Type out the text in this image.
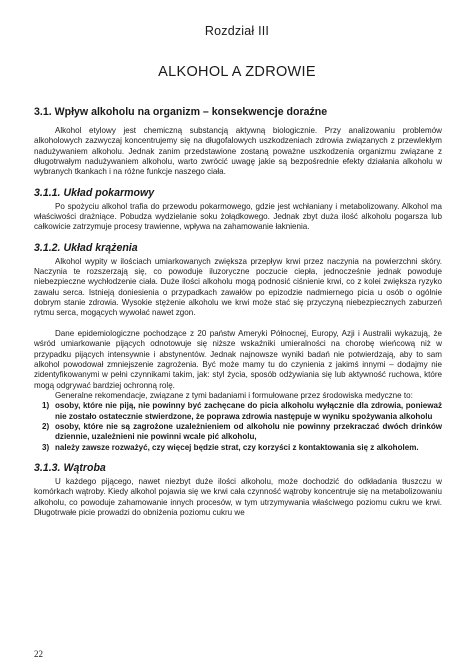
Rozdział III
ALKOHOL A ZDROWIE
3.1. Wpływ alkoholu na organizm – konsekwencje doraźne

Alkohol etylowy jest chemiczną substancją aktywną biologicznie. Przy analizowaniu problemów alkoholowych zazwyczaj koncentrujemy się na długofalowych uszkodzeniach zdrowia związanych z przewlekłym nadużywaniem alkoholu. Jednak zanim przedstawione zostaną poważne uszkodzenia organizmu związane z długotrwałym nadużywaniem alkoholu, warto zwrócić uwagę jakie są bezpośrednie efekty działania alkoholu w wybranych tkankach i na różne funkcje naszego ciała.

3.1.1. Układ pokarmowy

Po spożyciu alkohol trafia do przewodu pokarmowego, gdzie jest wchłaniany i metabolizowany. Alkohol ma właściwości drażniące. Pobudza wydzielanie soku żołądkowego. Jednak zbyt duża ilość alkoholu pogarsza lub całkowicie zatrzymuje procesy trawienne, wpływa na zahamowanie łaknienia.

3.1.2. Układ krążenia

Alkohol wypity w ilościach umiarkowanych zwiększa przepływ krwi przez naczynia na powierzchni skóry. Naczynia te rozszerzają się, co powoduje iluzoryczne poczucie ciepła, jednocześnie jednak powoduje niebezpieczne wychłodzenie ciała. Duże ilości alkoholu mogą podnosić ciśnienie krwi, co z kolei zwiększa ryzyko zawału serca. Istnieją doniesienia o przypadkach zawałów po epizodzie nadmiernego picia u osób o ogólnie dobrym stanie zdrowia. Wysokie stężenie alkoholu we krwi może stać się przyczyną niebezpiecznych zaburzeń rytmu serca, mogących wywołać nawet zgon.

Dane epidemiologiczne pochodzące z 20 państw Ameryki Północnej, Europy, Azji i Australii wykazują, że wśród umiarkowanie pijących odnotowuje się niższe wskaźniki umieralności na chorobę wieńcową niż w przypadku pijących intensywnie i abstynentów. Jednak najnowsze wyniki badań nie potwierdzają, aby to sam alkohol powodował zmniejszenie zagrożenia. Być może mamy tu do czynienia z jakimś innymi – dodajmy nie zidentyfikowanymi w pełni czynnikami takim, jak: styl życia, sposób odżywiania się lub aktywność ruchowa, które mogą odgrywać bardziej ochronną rolę.

Generalne rekomendacje, związane z tymi badaniami i formułowane przez środowiska medyczne to:

1) osoby, które nie piją, nie powinny być zachęcane do picia alkoholu wyłącznie dla zdrowia, ponieważ nie zostało ostatecznie stwierdzone, że poprawa zdrowia następuje w wyniku spożywania alkoholu
2) osoby, które nie są zagrożone uzależnieniem od alkoholu nie powinny przekraczać dwóch drinków dziennie, uzależnieni nie powinni wcale pić alkoholu,
3) należy zawsze rozważyć, czy więcej będzie strat, czy korzyści z kontaktowania się z alkoholem.
3.1.3. Wątroba

U każdego pijącego, nawet niezbyt duże ilości alkoholu, może dochodzić do odkładania tłuszczu w komórkach wątroby. Kiedy alkohol pojawia się we krwi cała czynność wątroby koncentruje się na metabolizowaniu alkoholu, co powoduje zahamowanie innych procesów, w tym utrzymywania właściwego poziomu cukru we krwi. Długotrwałe picie prowadzi do obniżenia poziomu cukru we

22
